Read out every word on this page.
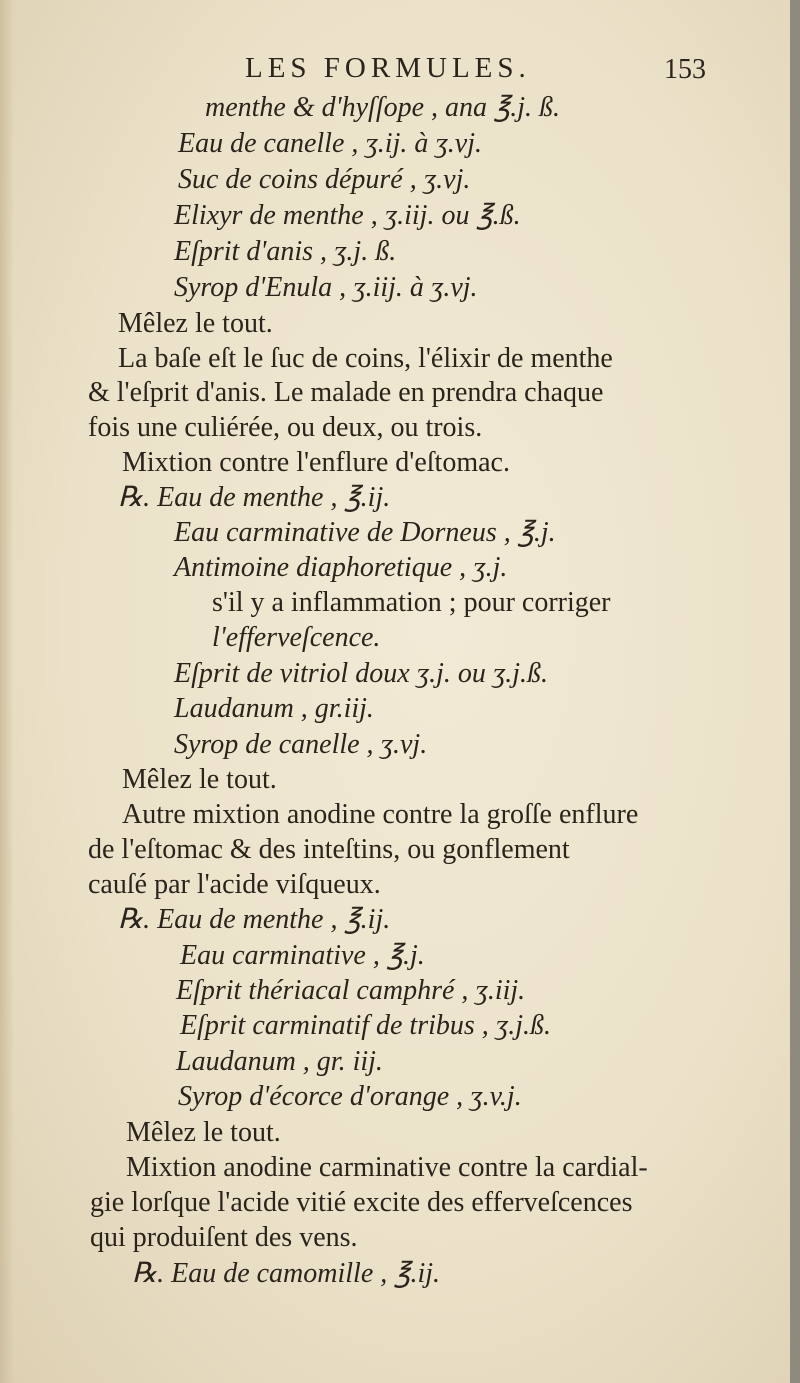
LES FORMULES.	153
menthe & d'hyſſope , ana ℥.j. ß.
Eau de canelle , ʒ.ij. à ʒ.vj.
Suc de coins dépuré , ʒ.vj.
Elixyr de menthe , ʒ.iij. ou ℥.ß.
Eſprit d'anis , ʒ.j. ß.
Syrop d'Enula , ʒ.iij. à ʒ.vj.
Mêlez le tout.
La baſe eſt le ſuc de coins, l'élixir de menthe
& l'eſprit d'anis. Le malade en prendra chaque
fois une culiérée, ou deux, ou trois.
Mixtion contre l'enflure d'eſtomac.
℞. Eau de menthe , ℥.ij.
Eau carminative de Dorneus , ℥.j.
Antimoine diaphoretique , ʒ.j.
s'il y a inflammation ; pour corriger
l'efferveſcence.
Eſprit de vitriol doux ʒ.j. ou ʒ.j.ß.
Laudanum , gr.iij.
Syrop de canelle , ʒ.vj.
Mêlez le tout.
Autre mixtion anodine contre la groſſe enflure
de l'eſtomac & des inteſtins, ou gonflement
cauſé par l'acide viſqueux.
℞. Eau de menthe , ℥.ij.
Eau carminative , ℥.j.
Eſprit thériacal camphré , ʒ.iij.
Eſprit carminatif de tribus , ʒ.j.ß.
Laudanum , gr. iij.
Syrop d'écorce d'orange , ʒ.v.j.
Mêlez le tout.
Mixtion anodine carminative contre la cardial-
gie lorſque l'acide vitié excite des efferveſcences
qui produiſent des vens.
℞. Eau de camomille , ℥.ij.
